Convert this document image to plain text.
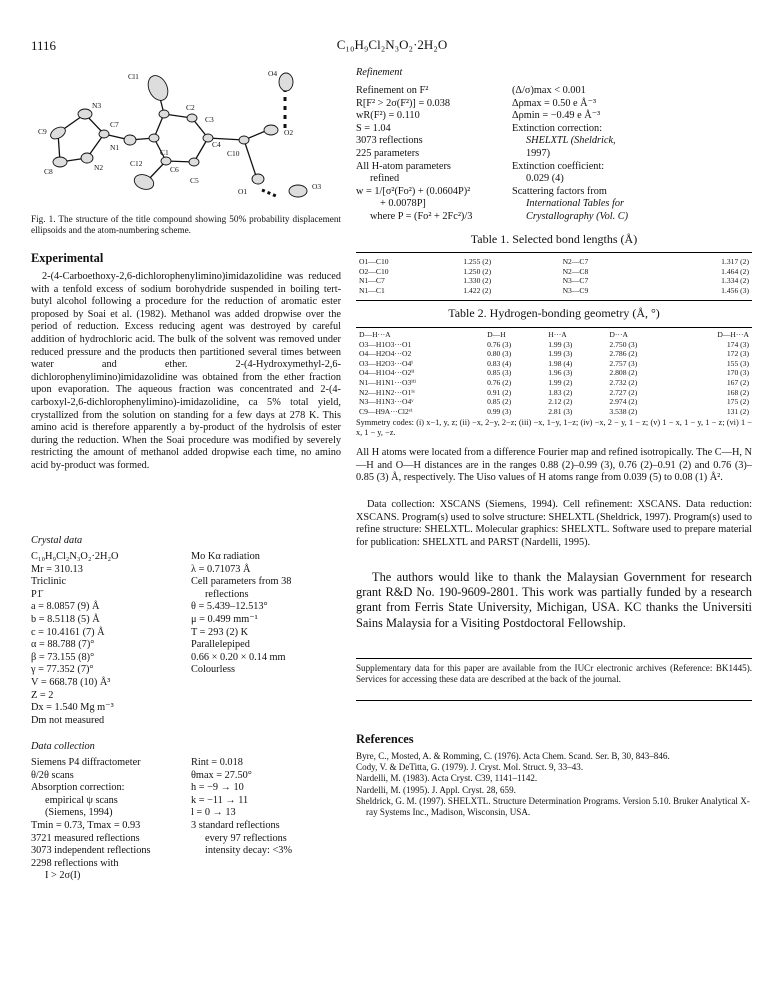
1116	C₁₀H₉Cl₂N₃O₂·2H₂O
Cl1	O4
N3	C2
C3
C9
C7
N1
C1
C4
O2
C10
C8	N2	C12
C6
O3
C5
O1

Fig. 1. The structure of the title compound showing 50% probability displacement ellipsoids and the atom-numbering scheme.

Experimental

2-(4-Carboethoxy-2,6-dichlorophenylimino)imidazolidine was reduced with a tenfold excess of sodium borohydride suspended in boiling tert-butyl alcohol following a procedure for the reduction of aromatic ester proposed by Soai et al. (1982). Methanol was added dropwise over the period of reduction. Excess reducing agent was destroyed by careful addition of hydrochloric acid. The bulk of the solvent was removed under reduced pressure and the products then partitioned several times between water and ether. 2-(4-Hydroxymethyl-2,6-dichlorophenylimino)imidazolidine was obtained from the ether fraction upon evaporation. The aqueous fraction was concentrated and 2-(4-carboxyl-2,6-dichlorophenylimino)-imidazolidine, ca 5% total yield, crystallized from the solution on standing for a few days at 278 K. This amino acid is therefore apparently a by-product of the hydrolsis of ester during the reduction. When the Soai procedure was modified by severely restricting the amount of methanol added dropwise each time, no amino acid by-product was formed.

Crystal data
C₁₀H₉Cl₂N₃O₂·2H₂O
Mr = 310.13
Triclinic
P1̄
a = 8.0857 (9) Å
b = 8.5118 (5) Å
c = 10.4161 (7) Å
α = 88.788 (7)°
β = 73.155 (8)°
γ = 77.352 (7)°
V = 668.78 (10) Å³
Z = 2
Dx = 1.540 Mg m⁻³
Dm not measured
Mo Kα radiation
λ = 0.71073 Å
Cell parameters from 38
reflections
θ = 5.439–12.513°
μ = 0.499 mm⁻¹
T = 293 (2) K
Parallelepiped
0.66 × 0.20 × 0.14 mm
Colourless
Data collection
Siemens P4 diffractometer
θ/2θ scans
Absorption correction:
empirical ψ scans
(Siemens, 1994)
Tmin = 0.73, Tmax = 0.93
3721 measured reflections
3073 independent reflections
2298 reflections with
I > 2σ(I)
Rint = 0.018
θmax = 27.50°
h = −9 → 10
k = −11 → 11
l = 0 → 13
3 standard reflections
every 97 reflections
intensity decay: <3%
Refinement
Refinement on F²
R[F² > 2σ(F²)] = 0.038
wR(F²) = 0.110
S = 1.04
3073 reflections
225 parameters
All H-atom parameters
refined
w = 1/[σ²(Fo²) + (0.0604P)²
+ 0.0078P]
where P = (Fo² + 2Fc²)/3
(Δ/σ)max < 0.001
Δρmax = 0.50 e Å⁻³
Δρmin = −0.49 e Å⁻³
Extinction correction:
SHELXTL (Sheldrick,
1997)
Extinction coefficient:
0.029 (4)
Scattering factors from
International Tables for
Crystallography (Vol. C)
Table 1. Selected bond lengths (Å)
O1—C10	1.255 (2)	N2—C7	1.317 (2)
O2—C10	1.250 (2)	N2—C8	1.464 (2)
N1—C7	1.330 (2)	N3—C7	1.334 (2)
N1—C1	1.422 (2)	N3—C9	1.456 (3)
Table 2. Hydrogen-bonding geometry (Å, °)
D—H···A	D—H	H···A	D···A	D—H···A
O3—H1O3···O1	0.76 (3)	1.99 (3)	2.750 (3)	174 (3)
O4—H2O4···O2	0.80 (3)	1.99 (3)	2.786 (2)	172 (3)
O3—H2O3···O4ⁱ	0.83 (4)	1.98 (4)	2.757 (3)	155 (3)
O4—H1O4···O2ⁱⁱ	0.85 (3)	1.96 (3)	2.808 (2)	170 (3)
N1—H1N1···O3ⁱⁱⁱ	0.76 (2)	1.99 (2)	2.732 (2)	167 (2)
N2—H1N2···O1ⁱᵛ	0.91 (2)	1.83 (2)	2.727 (2)	168 (2)
N3—H1N3···O4ᵛ	0.85 (2)	2.12 (2)	2.974 (2)	175 (2)
C9—H9A···Cl2ᵛⁱ	0.99 (3)	2.81 (3)	3.538 (2)	131 (2)

Symmetry codes: (i) x−1, y, z; (ii) −x, 2−y, 2−z; (iii) −x, 1−y, 1−z; (iv) −x, 2 − y, 1 − z; (v) 1 − x, 1 − y, 1 − z; (vi) 1 − x, 1 − y, −z.

All H atoms were located from a difference Fourier map and refined isotropically. The C—H, N—H and O—H distances are in the ranges 0.88 (2)–0.99 (3), 0.76 (2)–0.91 (2) and 0.76 (3)–0.85 (3) Å, respectively. The Uiso values of H atoms range from 0.039 (5) to 0.08 (1) Å².

Data collection: XSCANS (Siemens, 1994). Cell refinement: XSCANS. Data reduction: XSCANS. Program(s) used to solve structure: SHELXTL (Sheldrick, 1997). Program(s) used to refine structure: SHELXTL. Molecular graphics: SHELXTL. Software used to prepare material for publication: SHELXTL and PARST (Nardelli, 1995).

The authors would like to thank the Malaysian Government for research grant R&D No. 190-9609-2801. This work was partially funded by a research grant from Ferris State University, Michigan, USA. KC thanks the Universiti Sains Malaysia for a Visiting Postdoctoral Fellowship.

Supplementary data for this paper are available from the IUCr electronic archives (Reference: BK1445). Services for accessing these data are described at the back of the journal.

References

Byre, C., Mosted, A. & Romming, C. (1976). Acta Chem. Scand. Ser. B, 30, 843–846.

Cody, V. & DeTitta, G. (1979). J. Cryst. Mol. Struct. 9, 33–43.

Nardelli, M. (1983). Acta Cryst. C39, 1141–1142.

Nardelli, M. (1995). J. Appl. Cryst. 28, 659.

Sheldrick, G. M. (1997). SHELXTL. Structure Determination Programs. Version 5.10. Bruker Analytical X-ray Systems Inc., Madison, Wisconsin, USA.
